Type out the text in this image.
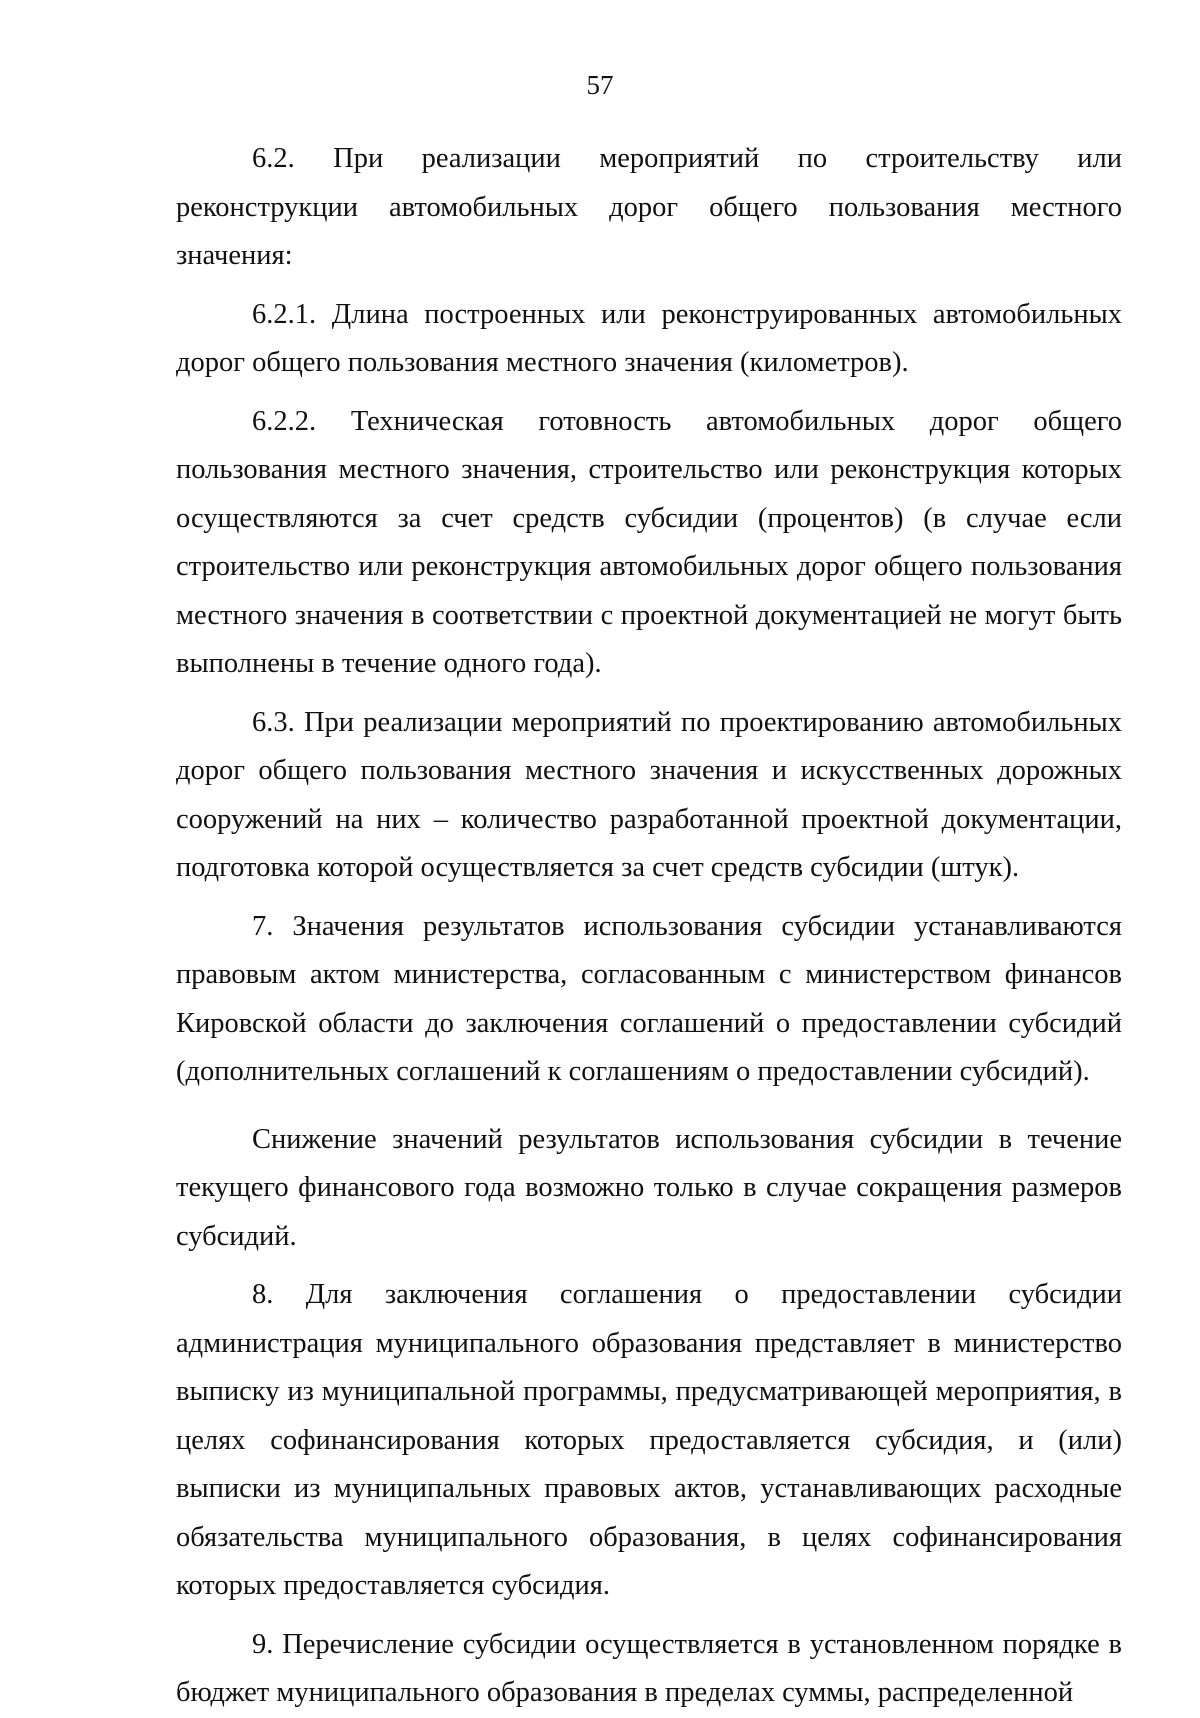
57

6.2. При реализации мероприятий по строительству или реконструкции автомобильных дорог общего пользования местного значения:

6.2.1. Длина построенных или реконструированных автомобильных дорог общего пользования местного значения (километров).

6.2.2. Техническая готовность автомобильных дорог общего пользования местного значения, строительство или реконструкция которых осуществляются за счет средств субсидии (процентов) (в случае если строительство или реконструкция автомобильных дорог общего пользования местного значения в соответствии с проектной документацией не могут быть выполнены в течение одного года).

6.3. При реализации мероприятий по проектированию автомобильных дорог общего пользования местного значения и искусственных дорожных сооружений на них – количество разработанной проектной документации, подготовка которой осуществляется за счет средств субсидии (штук).

7. Значения результатов использования субсидии устанавливаются правовым актом министерства, согласованным с министерством финансов Кировской области до заключения соглашений о предоставлении субсидий (дополнительных соглашений к соглашениям о предоставлении субсидий).

Снижение значений результатов использования субсидии в течение текущего финансового года возможно только в случае сокращения размеров субсидий.

8. Для заключения соглашения о предоставлении субсидии администрация муниципального образования представляет в министерство выписку из муниципальной программы, предусматривающей мероприятия, в целях софинансирования которых предоставляется субсидия, и (или) выписки из муниципальных правовых актов, устанавливающих расходные обязательства муниципального образования, в целях софинансирования которых предоставляется субсидия.

9. Перечисление субсидии осуществляется в установленном порядке в бюджет муниципального образования в пределах суммы, распределенной
